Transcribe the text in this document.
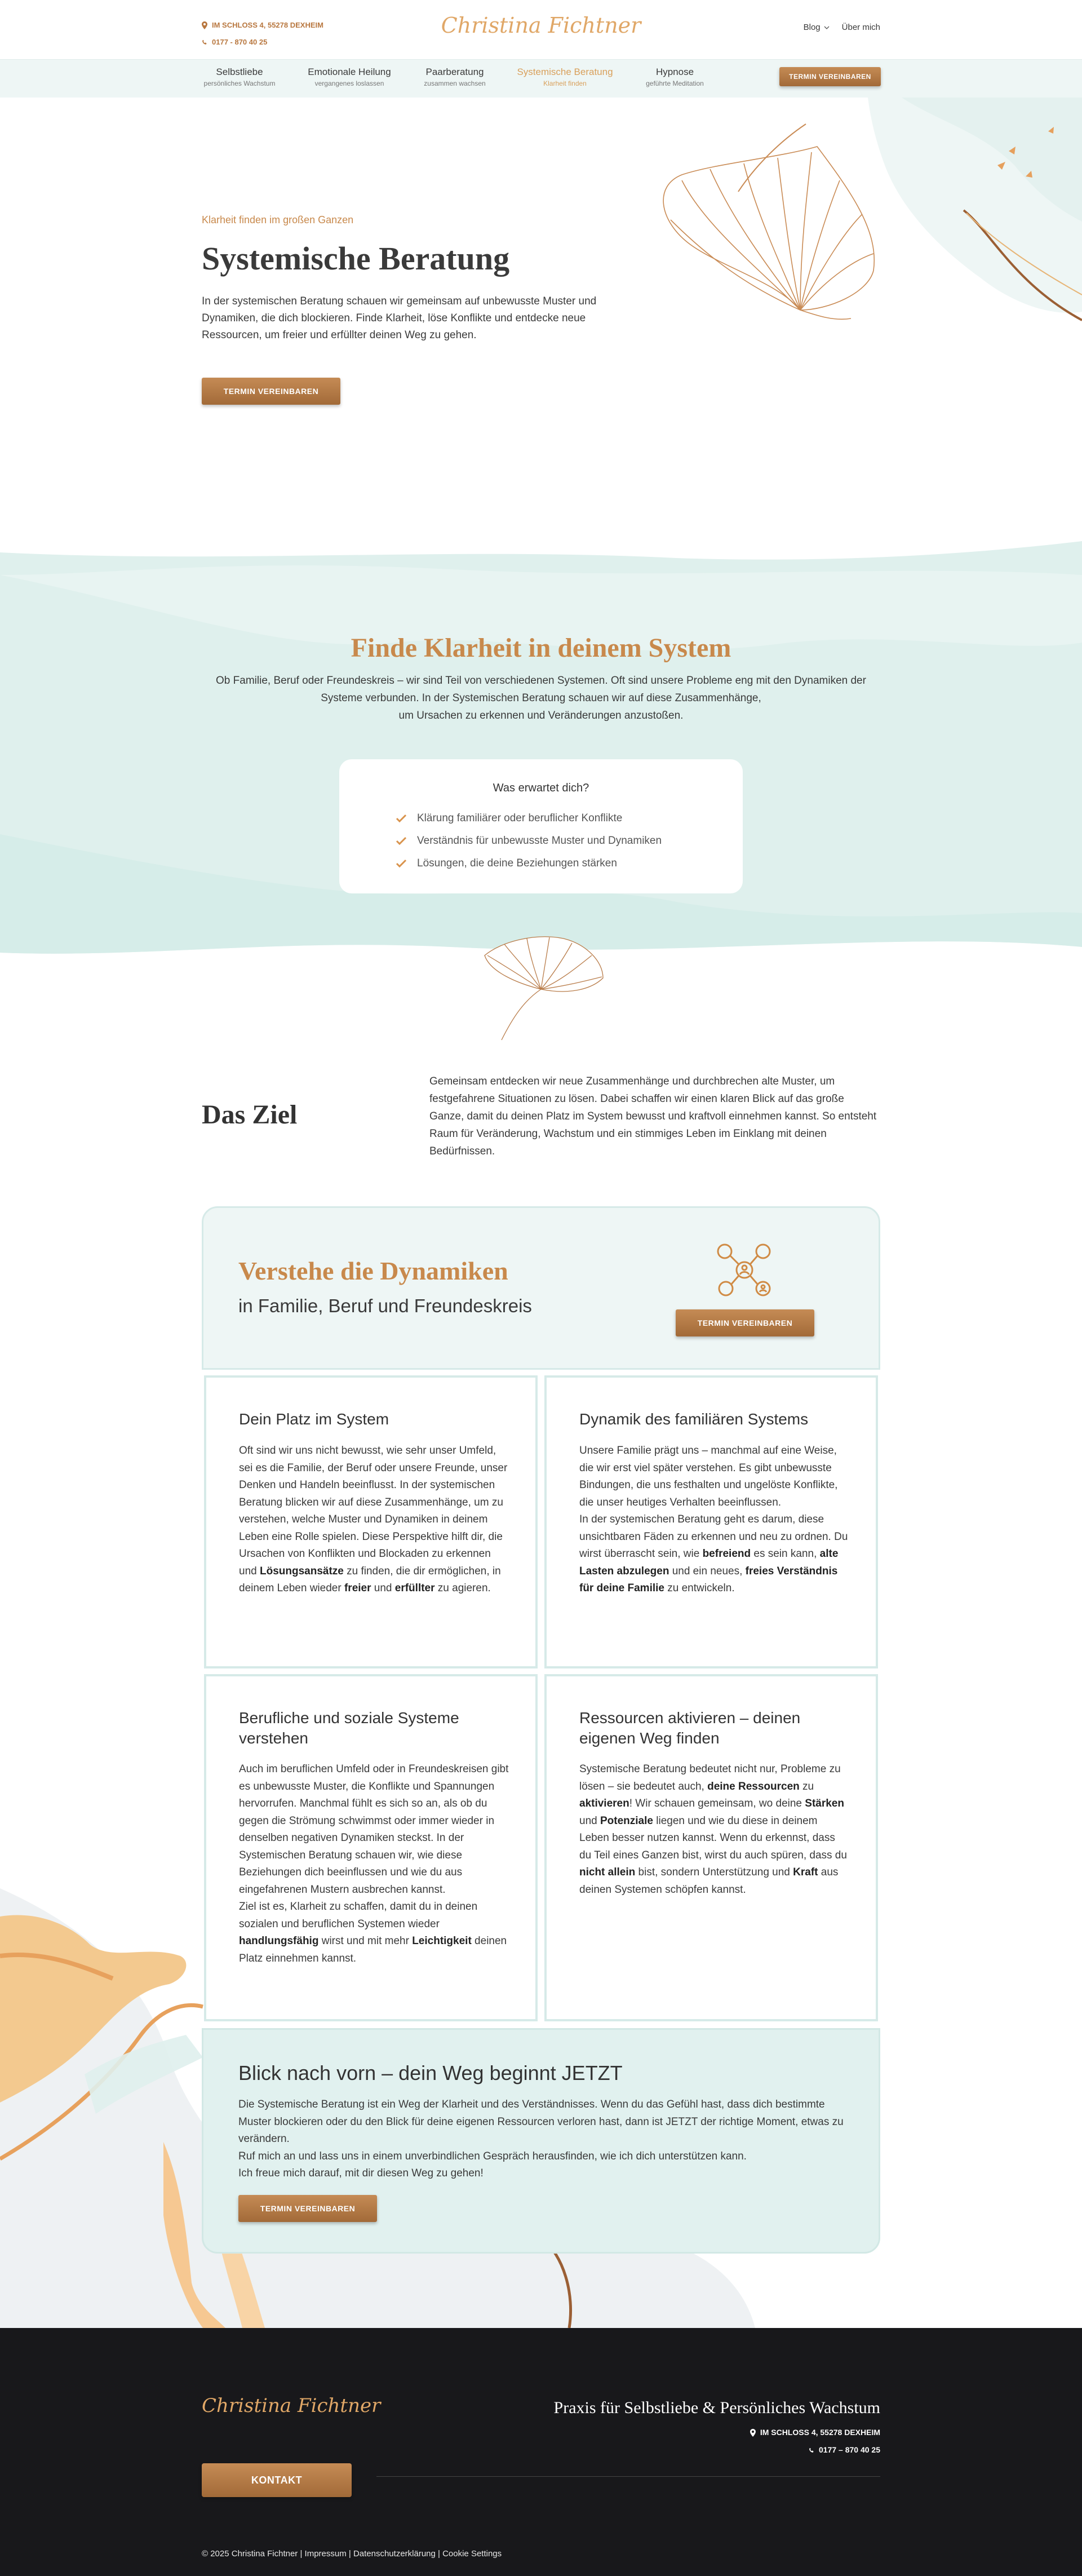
IM SCHLOSS 4, 55278 DEXHEIM
0177 - 870 40 25
Christina Fichtner	Blog	Über mich
Selbstliebe
persönliches Wachstum
Emotionale Heilung
vergangenes loslassen
Paarberatung
zusammen wachsen
Systemische Beratung
Klarheit finden
Hypnose
geführte Meditation
TERMIN VEREINBAREN
Klarheit finden im großen Ganzen
Systemische Beratung

In der systemischen Beratung schauen wir gemeinsam auf unbewusste Muster und Dynamiken, die dich blockieren. Finde Klarheit, löse Konflikte und entdecke neue Ressourcen, um freier und erfüllter deinen Weg zu gehen.

TERMIN VEREINBAREN
Finde Klarheit in deinem System
Ob Familie, Beruf oder Freundeskreis – wir sind Teil von verschiedenen Systemen. Oft sind unsere Probleme eng mit den Dynamiken der Systeme verbunden. In der Systemischen Beratung schauen wir auf diese Zusammenhänge,
um Ursachen zu erkennen und Veränderungen anzustoßen.
Was erwartet dich?
Klärung familiärer oder beruflicher Konflikte
Verständnis für unbewusste Muster und Dynamiken
Lösungen, die deine Beziehungen stärken
Das Ziel

Gemeinsam entdecken wir neue Zusammenhänge und durchbrechen alte Muster, um festgefahrene Situationen zu lösen. Dabei schaffen wir einen klaren Blick auf das große Ganze, damit du deinen Platz im System bewusst und kraftvoll einnehmen kannst. So entsteht Raum für Veränderung, Wachstum und ein stimmiges Leben im Einklang mit deinen Bedürfnissen.

Verstehe die Dynamiken
in Familie, Beruf und Freundeskreis
TERMIN VEREINBAREN
Dein Platz im System

Oft sind wir uns nicht bewusst, wie sehr unser Umfeld, sei es die Familie, der Beruf oder unsere Freunde, unser Denken und Handeln beeinflusst. In der systemischen Beratung blicken wir auf diese Zusammenhänge, um zu verstehen, welche Muster und Dynamiken in deinem Leben eine Rolle spielen. Diese Perspektive hilft dir, die Ursachen von Konflikten und Blockaden zu erkennen und Lösungsansätze zu finden, die dir ermöglichen, in deinem Leben wieder freier und erfüllter zu agieren.

Dynamik des familiären Systems

Unsere Familie prägt uns – manchmal auf eine Weise, die wir erst viel später verstehen. Es gibt unbewusste Bindungen, die uns festhalten und ungelöste Konflikte, die unser heutiges Verhalten beeinflussen.
In der systemischen Beratung geht es darum, diese unsichtbaren Fäden zu erkennen und neu zu ordnen. Du wirst überrascht sein, wie befreiend es sein kann, alte Lasten abzulegen und ein neues, freies Verständnis für deine Familie zu entwickeln.

Berufliche und soziale Systeme verstehen

Auch im beruflichen Umfeld oder in Freundeskreisen gibt es unbewusste Muster, die Konflikte und Spannungen hervorrufen. Manchmal fühlt es sich so an, als ob du gegen die Strömung schwimmst oder immer wieder in denselben negativen Dynamiken steckst. In der Systemischen Beratung schauen wir, wie diese Beziehungen dich beeinflussen und wie du aus eingefahrenen Mustern ausbrechen kannst.
Ziel ist es, Klarheit zu schaffen, damit du in deinen sozialen und beruflichen Systemen wieder handlungsfähig wirst und mit mehr Leichtigkeit deinen Platz einnehmen kannst.

Ressourcen aktivieren – deinen eigenen Weg finden

Systemische Beratung bedeutet nicht nur, Probleme zu lösen – sie bedeutet auch, deine Ressourcen zu aktivieren! Wir schauen gemeinsam, wo deine Stärken und Potenziale liegen und wie du diese in deinem Leben besser nutzen kannst. Wenn du erkennst, dass du Teil eines Ganzen bist, wirst du auch spüren, dass du nicht allein bist, sondern Unterstützung und Kraft aus deinen Systemen schöpfen kannst.

Blick nach vorn – dein Weg beginnt JETZT

Die Systemische Beratung ist ein Weg der Klarheit und des Verständnisses. Wenn du das Gefühl hast, dass dich bestimmte Muster blockieren oder du den Blick für deine eigenen Ressourcen verloren hast, dann ist JETZT der richtige Moment, etwas zu verändern.
Ruf mich an und lass uns in einem unverbindlichen Gespräch herausfinden, wie ich dich unterstützen kann.
Ich freue mich darauf, mit dir diesen Weg zu gehen!

TERMIN VEREINBAREN
Christina Fichtner	Praxis für Selbstliebe & Persönliches Wachstum
IM SCHLOSS 4, 55278 DEXHEIM
0177 – 870 40 25
KONTAKT
© 2025 Christina Fichtner | Impressum | Datenschutzerklärung | Cookie Settings
